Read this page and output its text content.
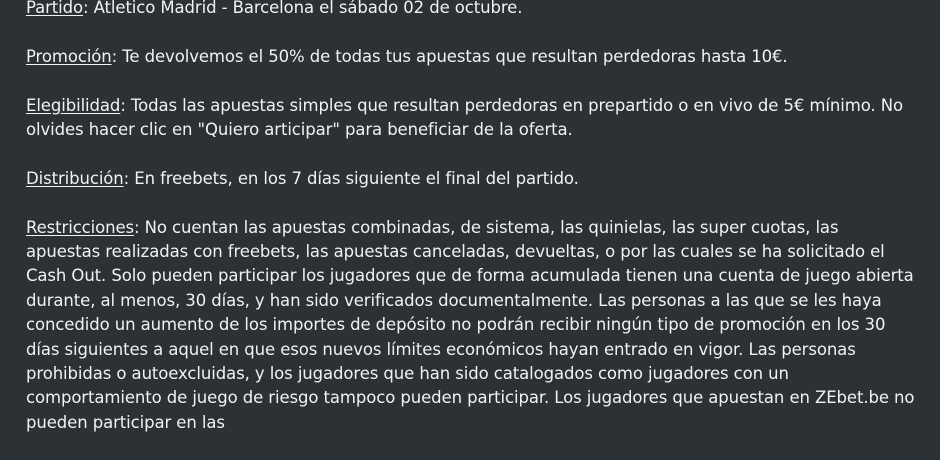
Partido: Atletico Madrid - Barcelona el sábado 02 de octubre.

Promoción: Te devolvemos el 50% de todas tus apuestas que resultan perdedoras hasta 10€.

Elegibilidad: Todas las apuestas simples que resultan perdedoras en prepartido o en vivo de 5€ mínimo. No olvides hacer clic en "Quiero articipar" para beneficiar de la oferta.

Distribución: En freebets, en los 7 días siguiente el final del partido.

Restricciones: No cuentan las apuestas combinadas, de sistema, las quinielas, las super cuotas, las apuestas realizadas con freebets, las apuestas canceladas, devueltas, o por las cuales se ha solicitado el Cash Out. Solo pueden participar los jugadores que de forma acumulada tienen una cuenta de juego abierta durante, al menos, 30 días, y han sido verificados documentalmente. Las personas a las que se les haya concedido un aumento de los importes de depósito no podrán recibir ningún tipo de promoción en los 30 días siguientes a aquel en que esos nuevos límites económicos hayan entrado en vigor. Las personas prohibidas o autoexcluidas, y los jugadores que han sido catalogados como jugadores con un comportamiento de juego de riesgo tampoco pueden participar. Los jugadores que apuestan en ZEbet.be no pueden participar en las
